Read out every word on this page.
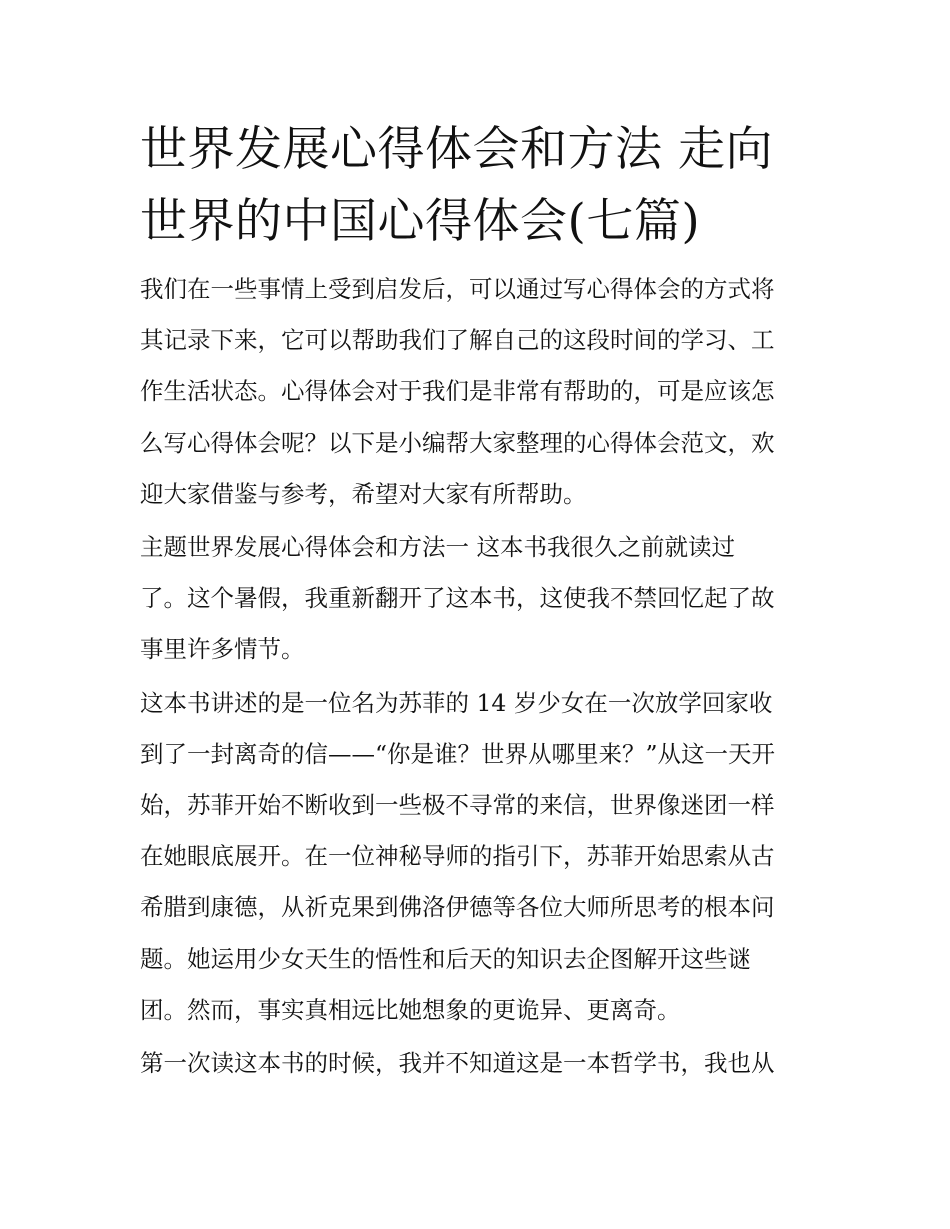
世界发展心得体会和方法 走向
世界的中国心得体会(七篇)
我们在一些事情上受到启发后，可以通过写心得体会的方式将
其记录下来，它可以帮助我们了解自己的这段时间的学习、工
作生活状态。心得体会对于我们是非常有帮助的，可是应该怎
么写心得体会呢？以下是小编帮大家整理的心得体会范文，欢
迎大家借鉴与参考，希望对大家有所帮助。
主题世界发展心得体会和方法一 这本书我很久之前就读过
了。这个暑假，我重新翻开了这本书，这使我不禁回忆起了故
事里许多情节。
这本书讲述的是一位名为苏菲的 14 岁少女在一次放学回家收
到了一封离奇的信——“你是谁？世界从哪里来？”从这一天开
始，苏菲开始不断收到一些极不寻常的来信，世界像迷团一样
在她眼底展开。在一位神秘导师的指引下，苏菲开始思索从古
希腊到康德，从祈克果到佛洛伊德等各位大师所思考的根本问
题。她运用少女天生的悟性和后天的知识去企图解开这些谜
团。然而，事实真相远比她想象的更诡异、更离奇。
第一次读这本书的时候，我并不知道这是一本哲学书，我也从
